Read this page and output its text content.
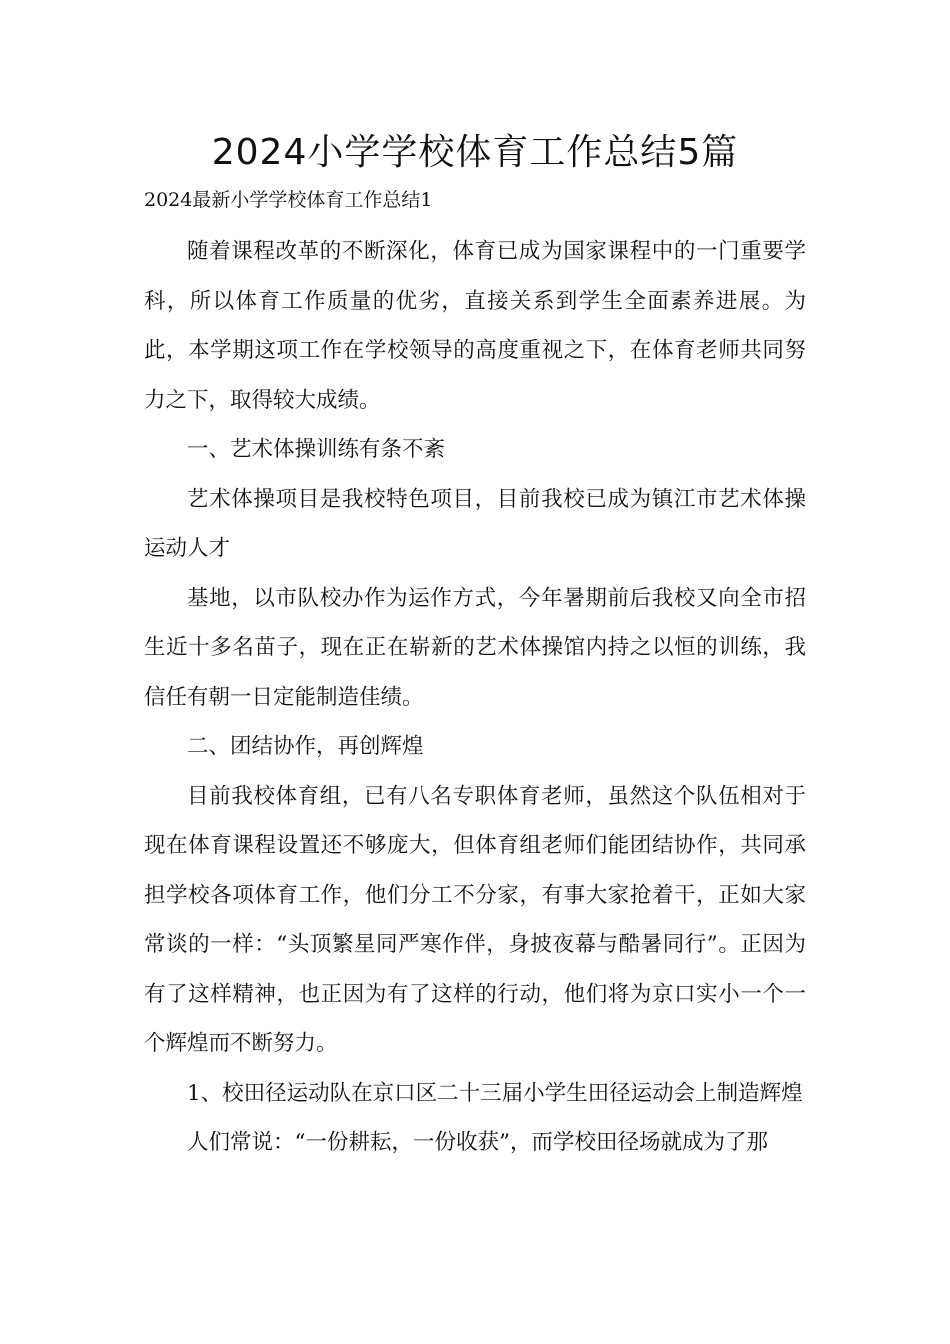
2024小学学校体育工作总结5篇

2024最新小学学校体育工作总结1

随着课程改革的不断深化，体育已成为国家课程中的一门重要学科，所以体育工作质量的优劣，直接关系到学生全面素养进展。为此，本学期这项工作在学校领导的高度重视之下，在体育老师共同努力之下，取得较大成绩。

一、艺术体操训练有条不紊

艺术体操项目是我校特色项目，目前我校已成为镇江市艺术体操运动人才

基地，以市队校办作为运作方式，今年暑期前后我校又向全市招生近十多名苗子，现在正在崭新的艺术体操馆内持之以恒的训练，我信任有朝一日定能制造佳绩。

二、团结协作，再创辉煌

目前我校体育组，已有八名专职体育老师，虽然这个队伍相对于现在体育课程设置还不够庞大，但体育组老师们能团结协作，共同承担学校各项体育工作，他们分工不分家，有事大家抢着干，正如大家常谈的一样：“头顶繁星同严寒作伴，身披夜幕与酷暑同行”。正因为有了这样精神，也正因为有了这样的行动，他们将为京口实小一个一个辉煌而不断努力。

1、校田径运动队在京口区二十三届小学生田径运动会上制造辉煌

人们常说：“一份耕耘，一份收获”，而学校田径场就成为了那
